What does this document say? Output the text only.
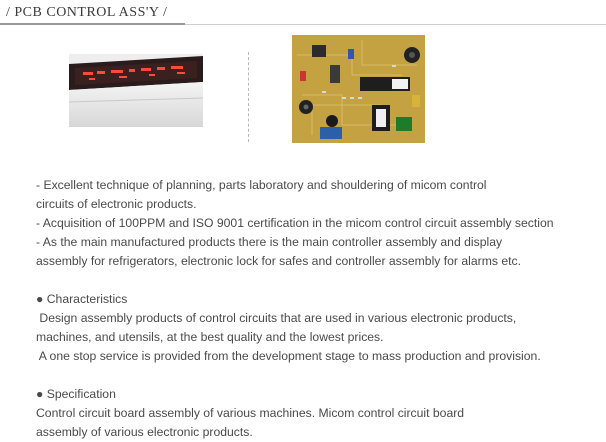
/ PCB CONTROL ASS'Y /

- Excellent technique of planning, parts laboratory and shouldering of micom control

circuits of electronic products.

- Acquisition of 100PPM and ISO 9001 certification in the micom control circuit assembly section

- As the main manufactured products there is the main controller assembly and display

assembly for refrigerators, electronic lock for safes and controller assembly for alarms etc.

● Characteristics

Design assembly products of control circuits that are used in various electronic products,

machines, and utensils, at the best quality and the lowest prices.

A one stop service is provided from the development stage to mass production and provision.

● Specification

Control circuit board assembly of various machines. Micom control circuit board

assembly of various electronic products.
